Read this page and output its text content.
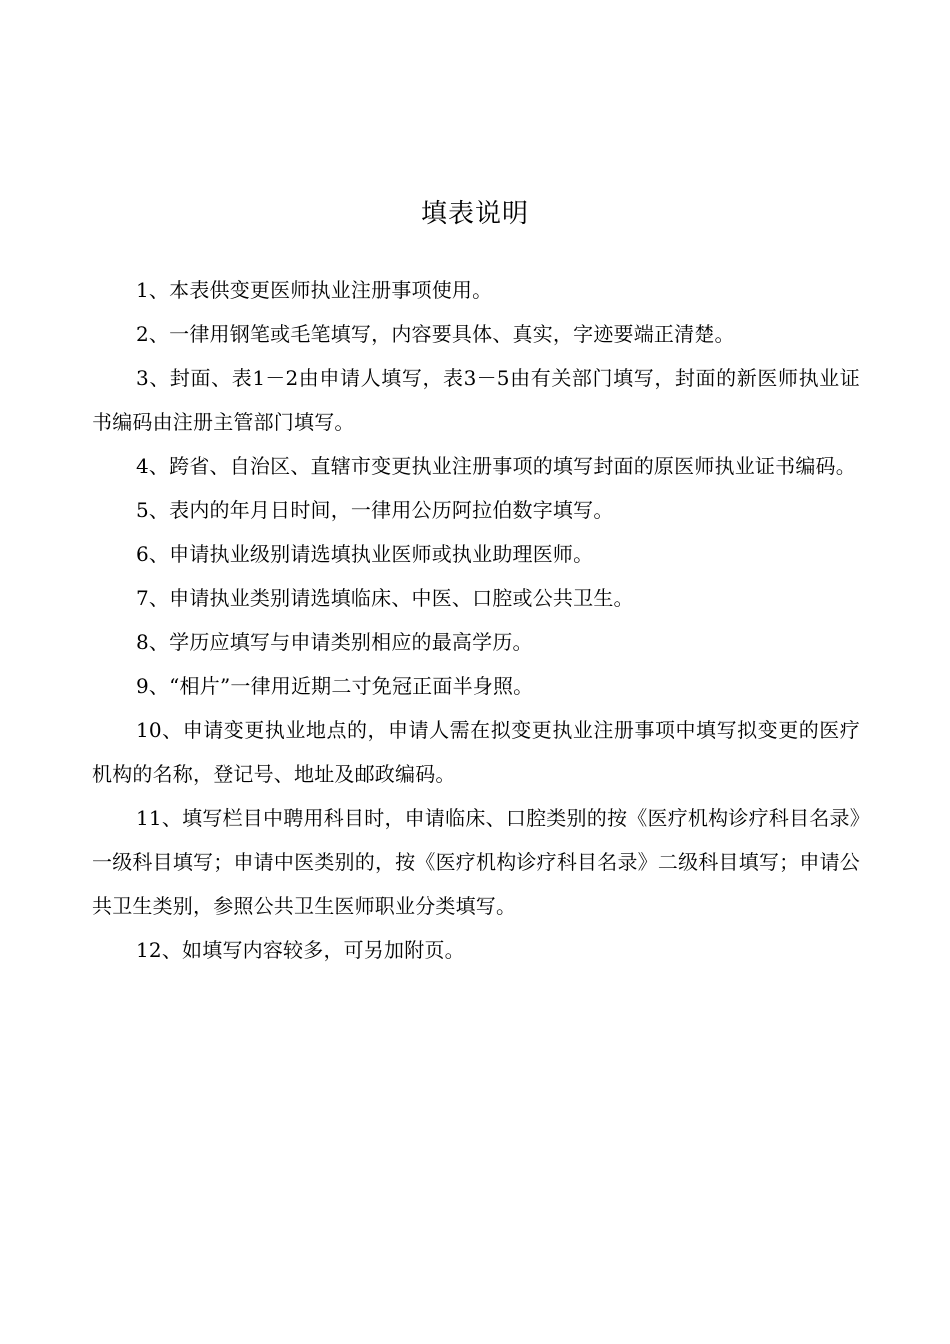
填表说明

1、本表供变更医师执业注册事项使用。

2、一律用钢笔或毛笔填写，内容要具体、真实，字迹要端正清楚。

3、封面、表1－2由申请人填写，表3－5由有关部门填写，封面的新医师执业证书编码由注册主管部门填写。

4、跨省、自治区、直辖市变更执业注册事项的填写封面的原医师执业证书编码。

5、表内的年月日时间，一律用公历阿拉伯数字填写。

6、申请执业级别请选填执业医师或执业助理医师。

7、申请执业类别请选填临床、中医、口腔或公共卫生。

8、学历应填写与申请类别相应的最高学历。

9、“相片”一律用近期二寸免冠正面半身照。

10、申请变更执业地点的，申请人需在拟变更执业注册事项中填写拟变更的医疗机构的名称，登记号、地址及邮政编码。

11、填写栏目中聘用科目时，申请临床、口腔类别的按《医疗机构诊疗科目名录》一级科目填写；申请中医类别的，按《医疗机构诊疗科目名录》二级科目填写；申请公共卫生类别，参照公共卫生医师职业分类填写。

12、如填写内容较多，可另加附页。
